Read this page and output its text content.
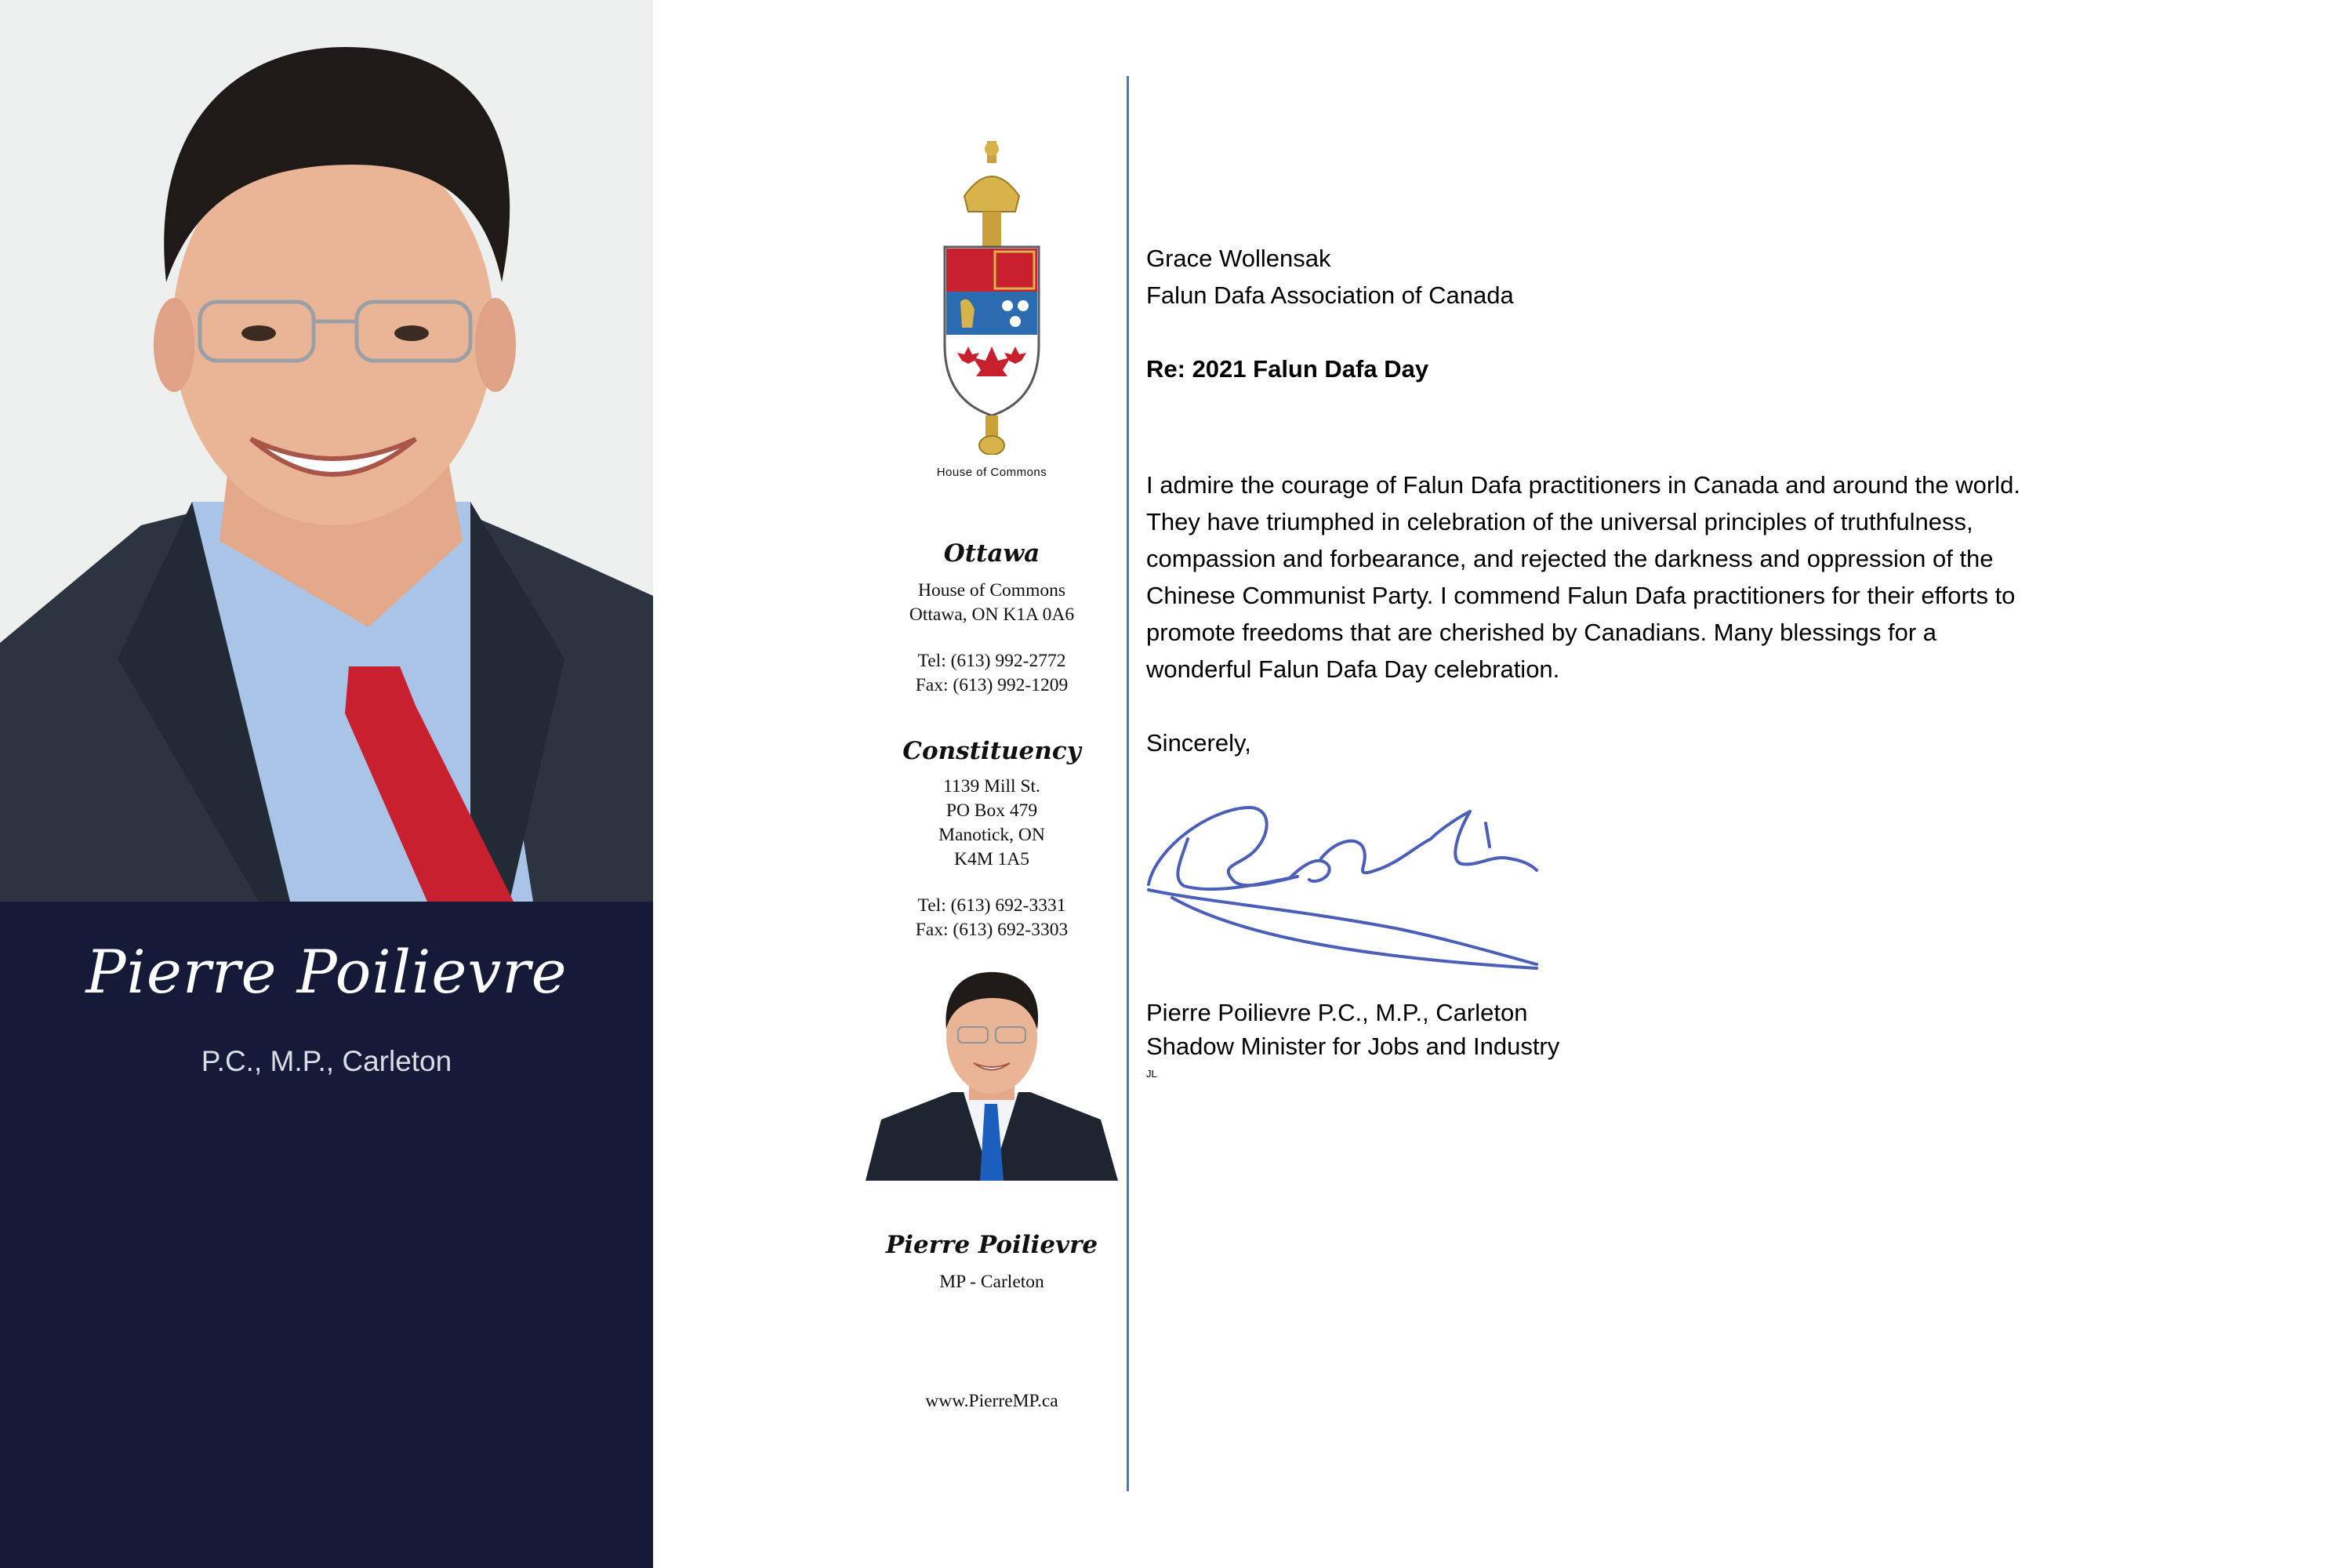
Pierre Poilievre
P.C., M.P., Carleton
House of Commons
Ottawa
House of Commons
Ottawa, ON K1A 0A6
Tel: (613) 992-2772
Fax: (613) 992-1209
Constituency
1139 Mill St.
PO Box 479
Manotick, ON
K4M 1A5
Tel: (613) 692-3331
Fax: (613) 692-3303
Pierre Poilievre
MP - Carleton
www.PierreMP.ca
Grace Wollensak
Falun Dafa Association of Canada
Re: 2021 Falun Dafa Day
I admire the courage of Falun Dafa practitioners in Canada and around the world.
They have triumphed in celebration of the universal principles of truthfulness,
compassion and forbearance, and rejected the darkness and oppression of the
Chinese Communist Party. I commend Falun Dafa practitioners for their efforts to
promote freedoms that are cherished by Canadians. Many blessings for a
wonderful Falun Dafa Day celebration.
Sincerely,
Pierre Poilievre P.C., M.P., Carleton
Shadow Minister for Jobs and Industry
JL
